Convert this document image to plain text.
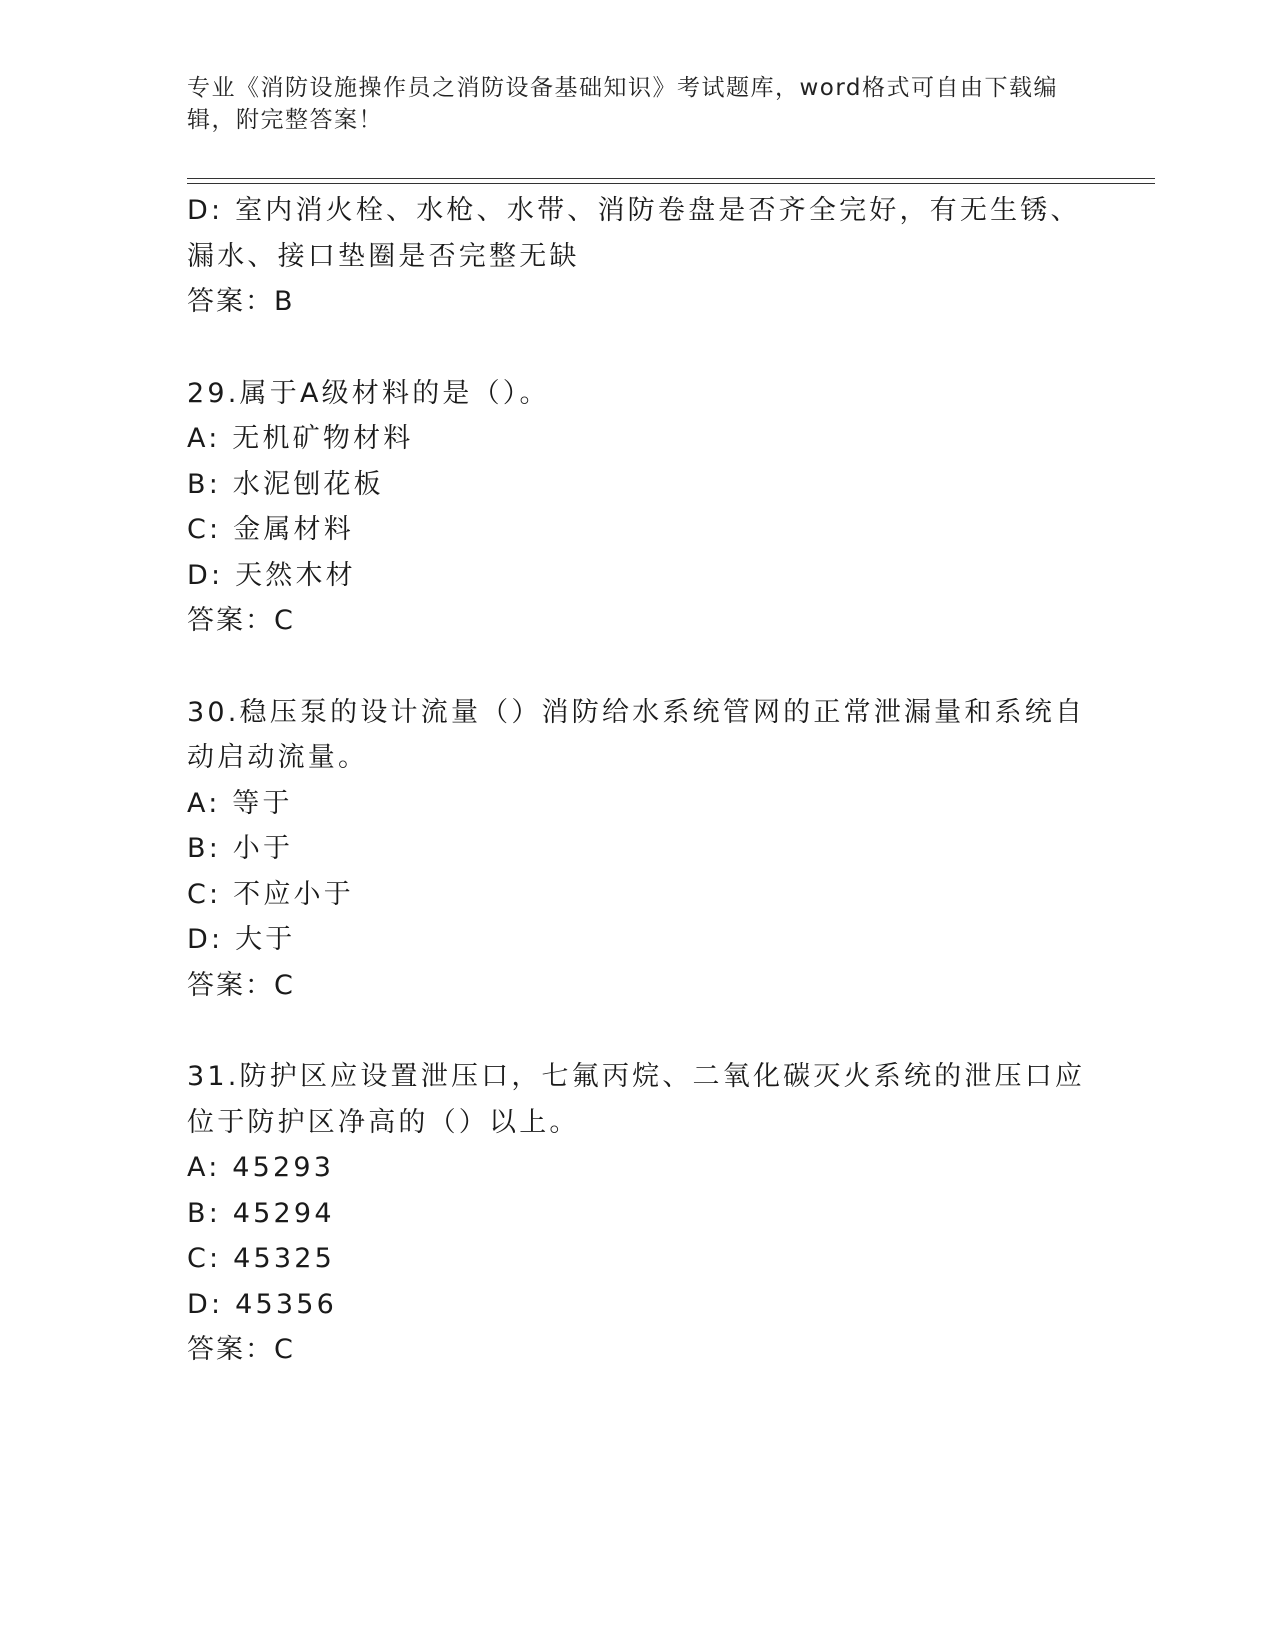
专业《消防设施操作员之消防设备基础知识》考试题库，word格式可自由下载编辑，附完整答案！
D: 室内消火栓、水枪、水带、消防卷盘是否齐全完好，有无生锈、漏水、接口垫圈是否完整无缺
答案：B
29.属于A级材料的是（）。
A: 无机矿物材料
B: 水泥刨花板
C: 金属材料
D: 天然木材
答案：C
30.稳压泵的设计流量（）消防给水系统管网的正常泄漏量和系统自动启动流量。
A: 等于
B: 小于
C: 不应小于
D: 大于
答案：C
31.防护区应设置泄压口，七氟丙烷、二氧化碳灭火系统的泄压口应位于防护区净高的（）以上。
A: 45293
B: 45294
C: 45325
D: 45356
答案：C
